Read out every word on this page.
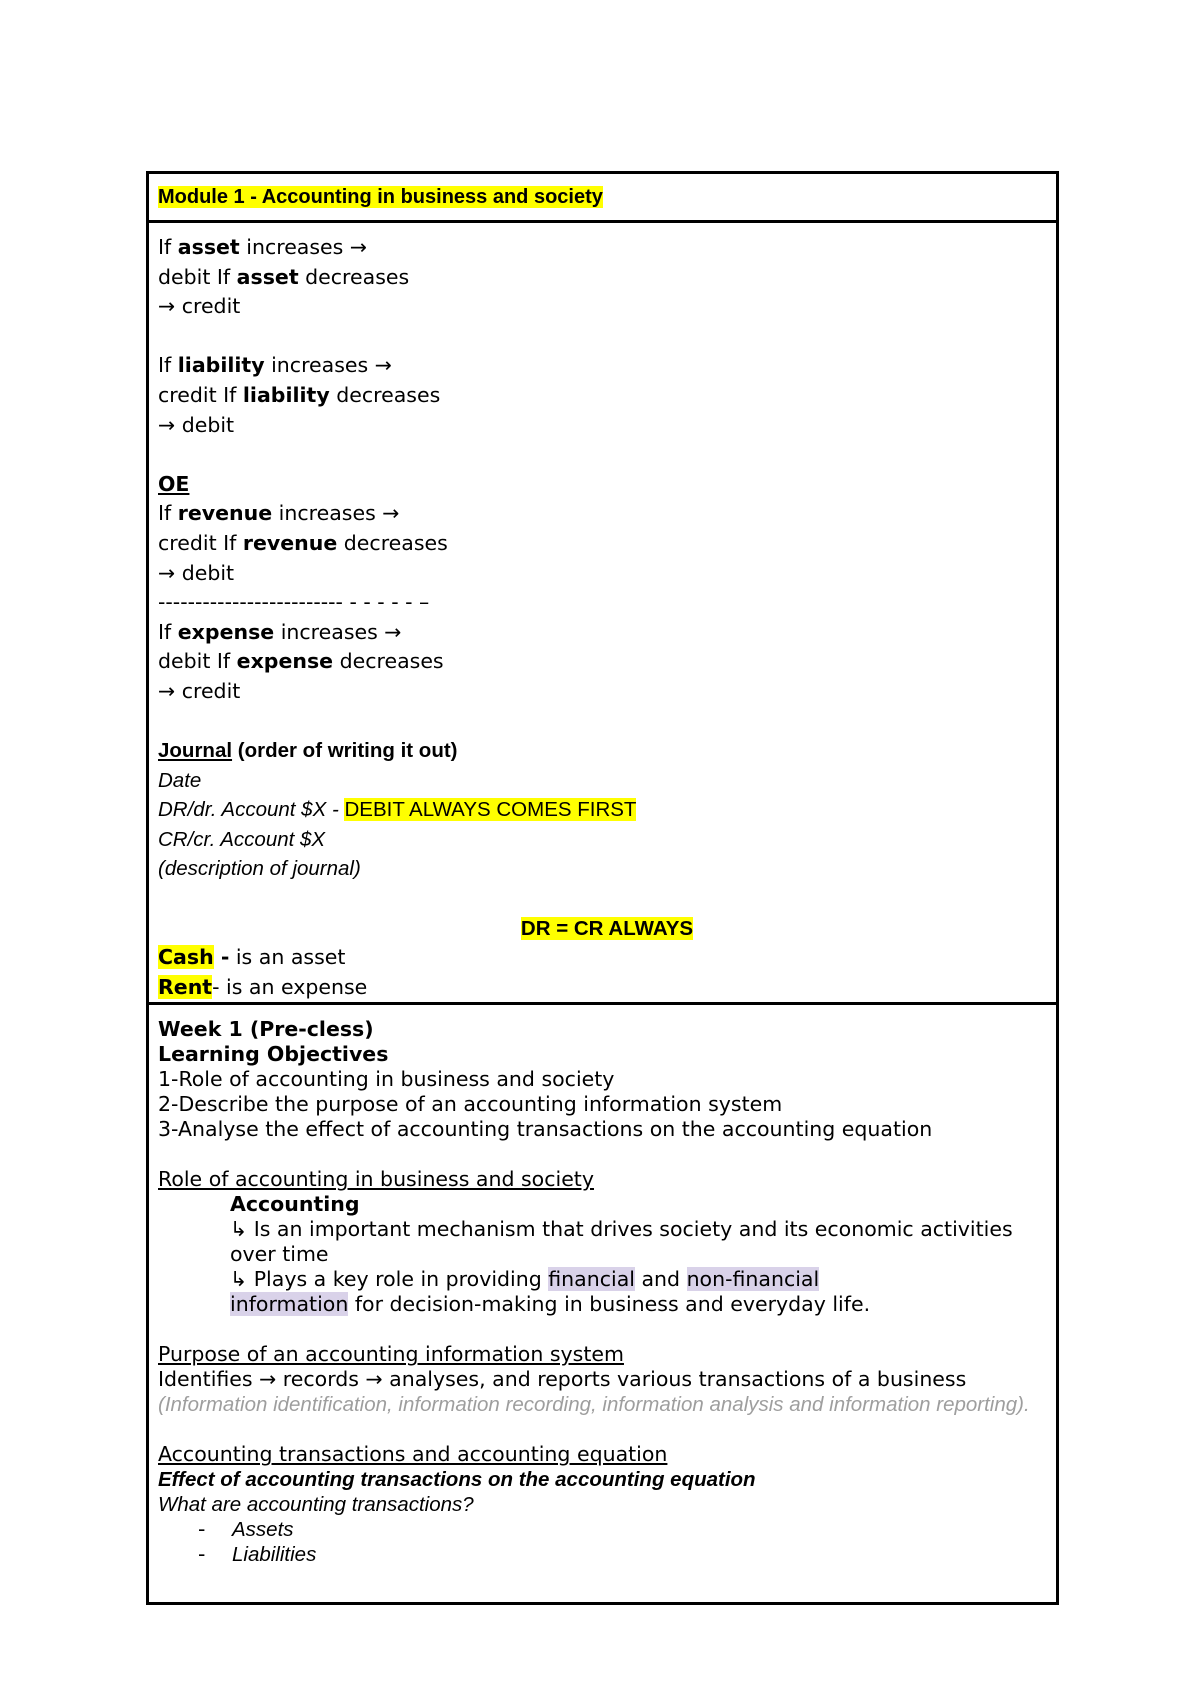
Module 1 - Accounting in business and society
If asset increases →
debit If asset decreases
→ credit
If liability increases →
credit If liability decreases
→ debit
OE
If revenue increases →
credit If revenue decreases
→ debit
------------------------- - - - - - –
If expense increases →
debit If expense decreases
→ credit
Journal (order of writing it out)
Date
DR/dr. Account $X - DEBIT ALWAYS COMES FIRST
CR/cr. Account $X
(description of journal)
DR = CR ALWAYS
Cash - is an asset
Rent- is an expense
Week 1 (Pre-cless)
Learning Objectives
1-Role of accounting in business and society
2-Describe the purpose of an accounting information system
3-Analyse the effect of accounting transactions on the accounting equation
Role of accounting in business and society
Accounting
↳ Is an important mechanism that drives society and its economic activities over time
↳ Plays a key role in providing financial and non-financial
information for decision-making in business and everyday life.
Purpose of an accounting information system
Identifies → records → analyses, and reports various transactions of a business
(Information identification, information recording, information analysis and information reporting).
Accounting transactions and accounting equation
Effect of accounting transactions on the accounting equation
What are accounting transactions?
-	Assets
-	Liabilities
